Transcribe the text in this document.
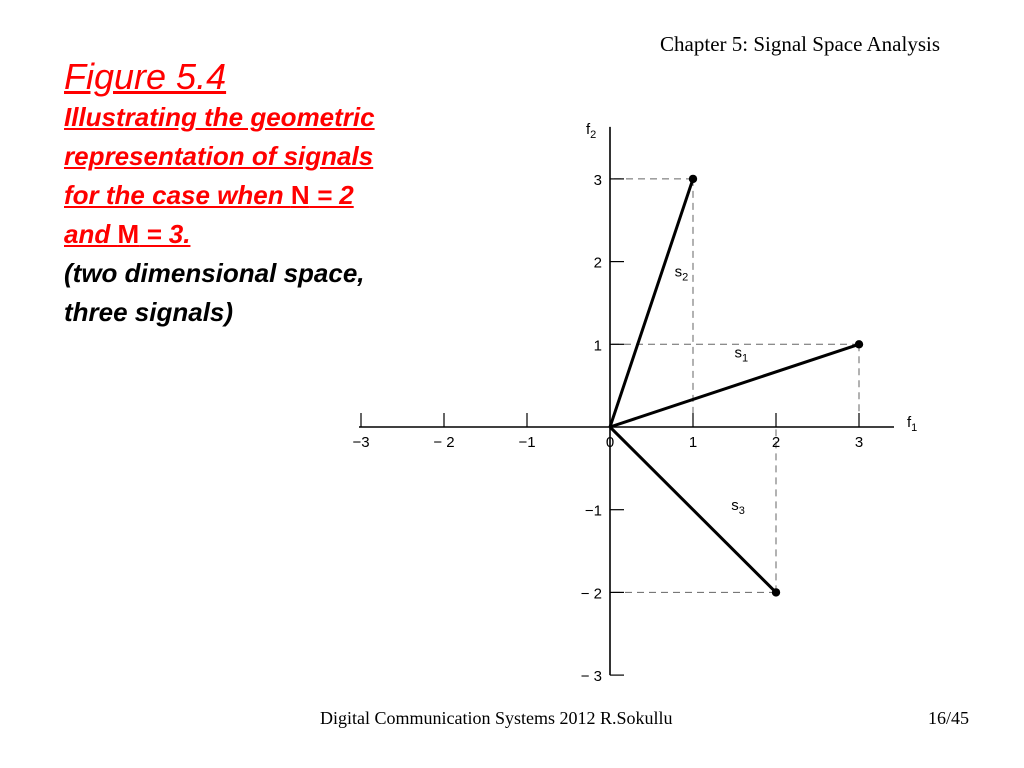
Chapter 5: Signal Space Analysis
Figure 5.4
Illustrating the geometric
representation of signals
for the case when N = 2
and M = 3.
(two dimensional space,
three signals)
−3	− 2	−1	0	1	2	3
− 3
− 2
−1
1
2
3
$f_1$
$f_2$
$s_1$
$s_2$
$s_3$
Digital Communication Systems 2012 R.Sokullu	16/45
